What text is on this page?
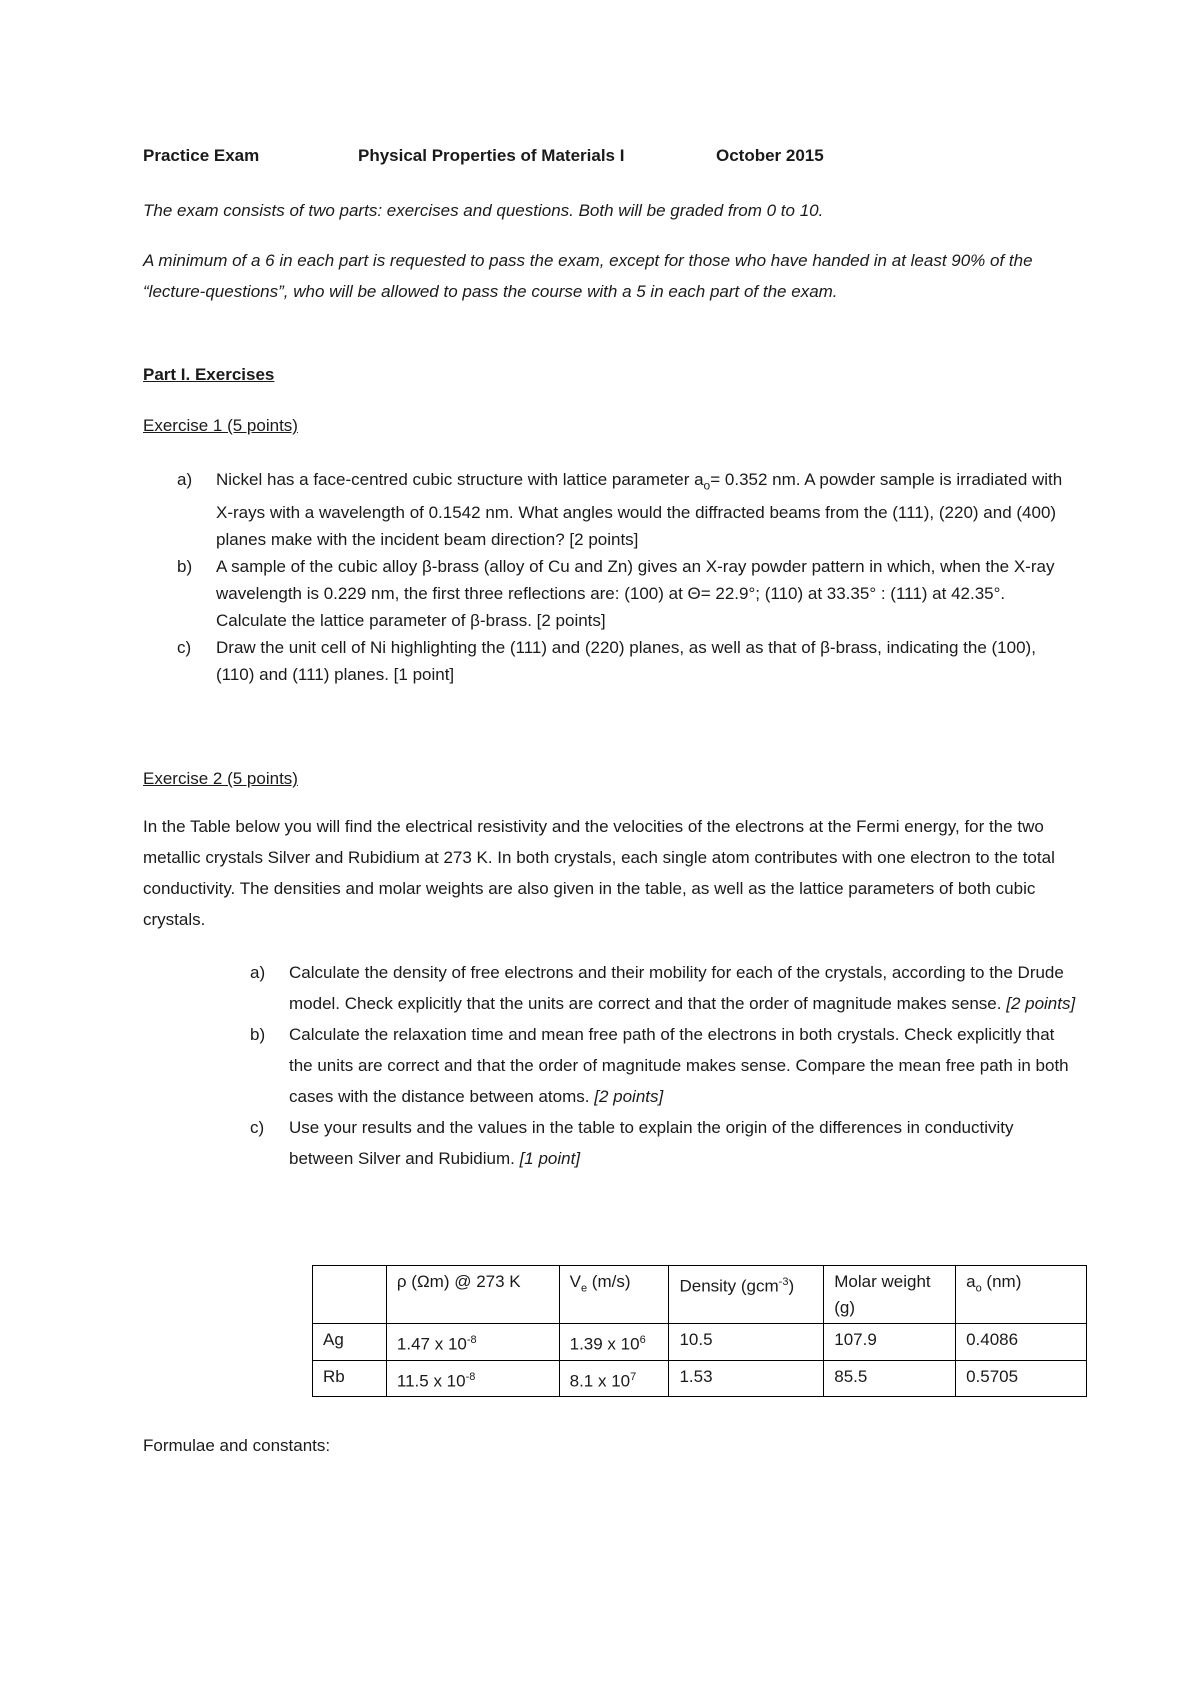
Practice Exam	Physical Properties of Materials I	October 2015

The exam consists of two parts: exercises and questions. Both will be graded from 0 to 10.

A minimum of a 6 in each part is requested to pass the exam, except for those who have handed in at least 90% of the “lecture-questions”, who will be allowed to pass the course with a 5 in each part of the exam.

Part I. Exercises

Exercise 1 (5 points)

a) Nickel has a face-centred cubic structure with lattice parameter $a_o= 0.352$ nm. A powder sample is irradiated with X-rays with a wavelength of 0.1542 nm. What angles would the diffracted beams from the (111), (220) and (400) planes make with the incident beam direction? [2 points]
b) A sample of the cubic alloy β-brass (alloy of Cu and Zn) gives an X-ray powder pattern in which, when the X-ray wavelength is 0.229 nm, the first three reflections are: (100) at Θ= 22.9°; (110) at 33.35° : (111) at 42.35°. Calculate the lattice parameter of β-brass. [2 points]
c) Draw the unit cell of Ni highlighting the (111) and (220) planes, as well as that of β-brass, indicating the (100), (110) and (111) planes. [1 point]

Exercise 2 (5 points)

In the Table below you will find the electrical resistivity and the velocities of the electrons at the Fermi energy, for the two metallic crystals Silver and Rubidium at 273 K. In both crystals, each single atom contributes with one electron to the total conductivity. The densities and molar weights are also given in the table, as well as the lattice parameters of both cubic crystals.

a) Calculate the density of free electrons and their mobility for each of the crystals, according to the Drude model. Check explicitly that the units are correct and that the order of magnitude makes sense. [2 points]
b) Calculate the relaxation time and mean free path of the electrons in both crystals. Check explicitly that the units are correct and that the order of magnitude makes sense. Compare the mean free path in both cases with the distance between atoms. [2 points]
c) Use your results and the values in the table to explain the origin of the differences in conductivity between Silver and Rubidium. [1 point]
	ρ (Ωm) @ 273 K	$V_e$ (m/s)	Density (gcm$^{-3}$)	Molar weight (g)	$a_o$ (nm)
Ag	1.47 x $10^{-8}$	1.39 x $10^6$	10.5	107.9	0.4086
Rb	11.5 x $10^{-8}$	8.1 x $10^7$	1.53	85.5	0.5705

Formulae and constants:
